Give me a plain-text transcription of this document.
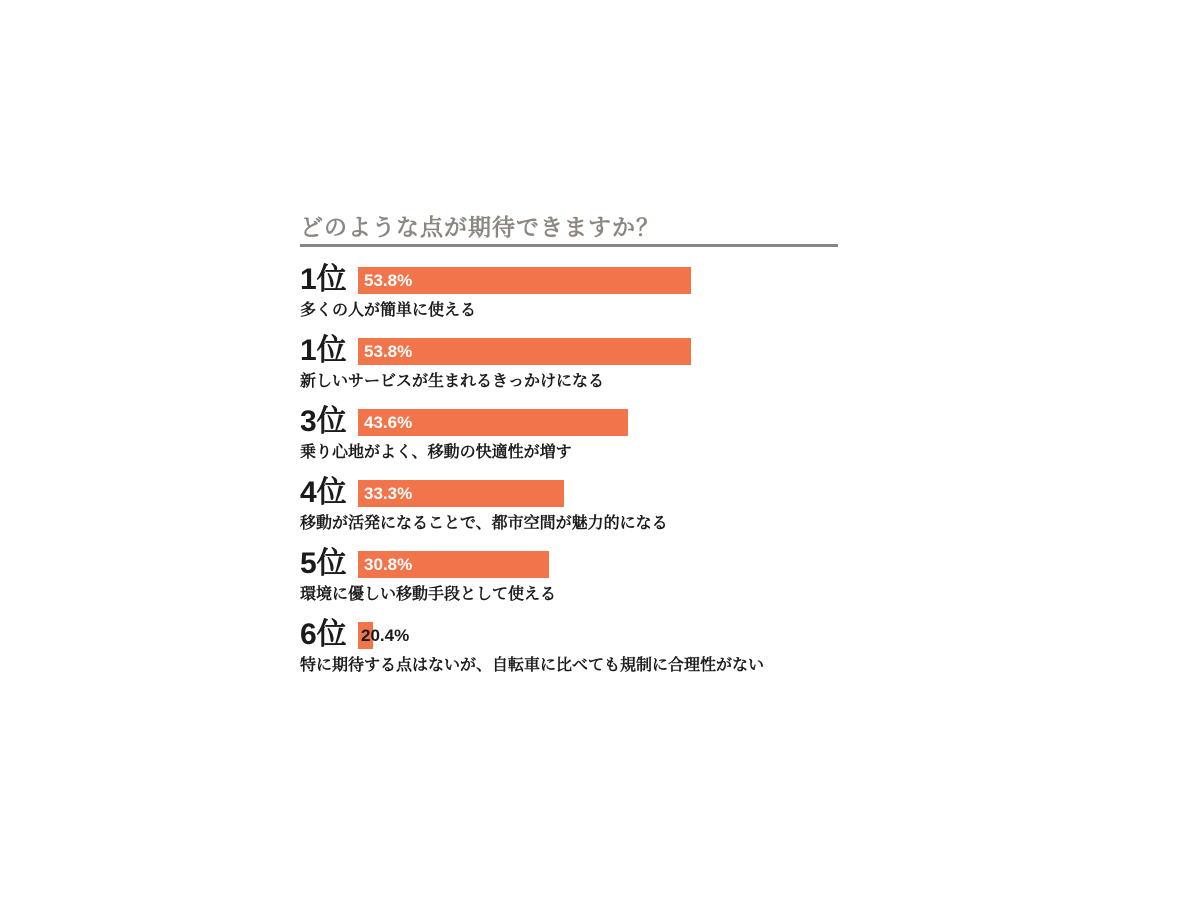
どのような点が期待できますか？
1位	53.8%
多くの人が簡単に使える
1位	53.8%
新しいサービスが生まれるきっかけになる
3位	43.6%
乗り心地がよく、移動の快適性が増す
4位	33.3%
移動が活発になることで、都市空間が魅力的になる
5位	30.8%
環境に優しい移動手段として使える
6位 20.4%
特に期待する点はないが、自転車に比べても規制に合理性がない
